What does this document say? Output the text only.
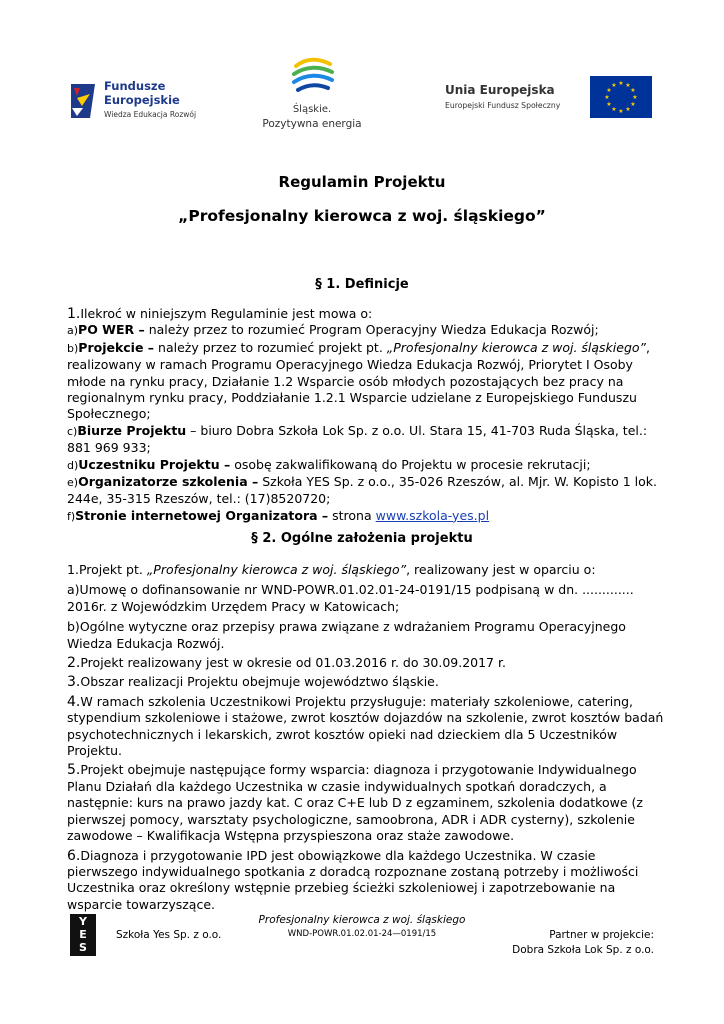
Fundusze
Europejskie
Wiedza Edukacja Rozwój	Śląskie.
Pozytywna energia
Unia Europejska
Europejski Fundusz Społeczny
★ ★
★
★
★
★
★
★
★
★
★
★
Regulamin Projektu
„Profesjonalny kierowca z woj. śląskiego”
§ 1. Definicje

1.Ilekroć w niniejszym Regulaminie jest mowa o:

a)PO WER – należy przez to rozumieć Program Operacyjny Wiedza Edukacja Rozwój;

b)Projekcie – należy przez to rozumieć projekt pt. „Profesjonalny kierowca z woj. śląskiego”, realizowany w ramach Programu Operacyjnego Wiedza Edukacja Rozwój, Priorytet I Osoby młode na rynku pracy, Działanie 1.2 Wsparcie osób młodych pozostających bez pracy na regionalnym rynku pracy, Poddziałanie 1.2.1 Wsparcie udzielane z Europejskiego Funduszu Społecznego;

c)Biurze Projektu – biuro Dobra Szkoła Lok Sp. z o.o. Ul. Stara 15, 41-703 Ruda Śląska, tel.: 881 969 933;

d)Uczestniku Projektu – osobę zakwalifikowaną do Projektu w procesie rekrutacji;

e)Organizatorze szkolenia – Szkoła YES Sp. z o.o., 35-026 Rzeszów, al. Mjr. W. Kopisto 1 lok. 244e, 35-315 Rzeszów, tel.: (17)8520720;

f)Stronie internetowej Organizatora – strona www.szkola-yes.pl

§ 2. Ogólne założenia projektu

1.Projekt pt. „Profesjonalny kierowca z woj. śląskiego”, realizowany jest w oparciu o:

a)Umowę o dofinansowanie nr WND-POWR.01.02.01-24-0191/15 podpisaną w dn. ............. 2016r. z Wojewódzkim Urzędem Pracy w Katowicach;

b)Ogólne wytyczne oraz przepisy prawa związane z wdrażaniem Programu Operacyjnego Wiedza Edukacja Rozwój.

2.Projekt realizowany jest w okresie od 01.03.2016 r. do 30.09.2017 r.

3.Obszar realizacji Projektu obejmuje województwo śląskie.

4.W ramach szkolenia Uczestnikowi Projektu przysługuje: materiały szkoleniowe, catering, stypendium szkoleniowe i stażowe, zwrot kosztów dojazdów na szkolenie, zwrot kosztów badań psychotechnicznych i lekarskich, zwrot kosztów opieki nad dzieckiem dla 5 Uczestników Projektu.

5.Projekt obejmuje następujące formy wsparcia: diagnoza i przygotowanie Indywidualnego Planu Działań dla każdego Uczestnika w czasie indywidualnych spotkań doradczych, a następnie: kurs na prawo jazdy kat. C oraz C+E lub D z egzaminem, szkolenia dodatkowe (z pierwszej pomocy, warsztaty psychologiczne, samoobrona, ADR i ADR cysterny), szkolenie zawodowe – Kwalifikacja Wstępna przyspieszona oraz staże zawodowe.

6.Diagnoza i przygotowanie IPD jest obowiązkowe dla każdego Uczestnika. W czasie pierwszego indywidualnego spotkania z doradcą rozpoznane zostaną potrzeby i możliwości Uczestnika oraz określony wstępnie przebieg ścieżki szkoleniowej i zapotrzebowanie na wsparcie towarzyszące.

Y
E
S
Szkoła Yes Sp. z o.o.
Profesjonalny kierowca z woj. śląskiego
WND-POWR.01.02.01-24—0191/15	Partner w projekcie:
Dobra Szkoła Lok Sp. z o.o.
